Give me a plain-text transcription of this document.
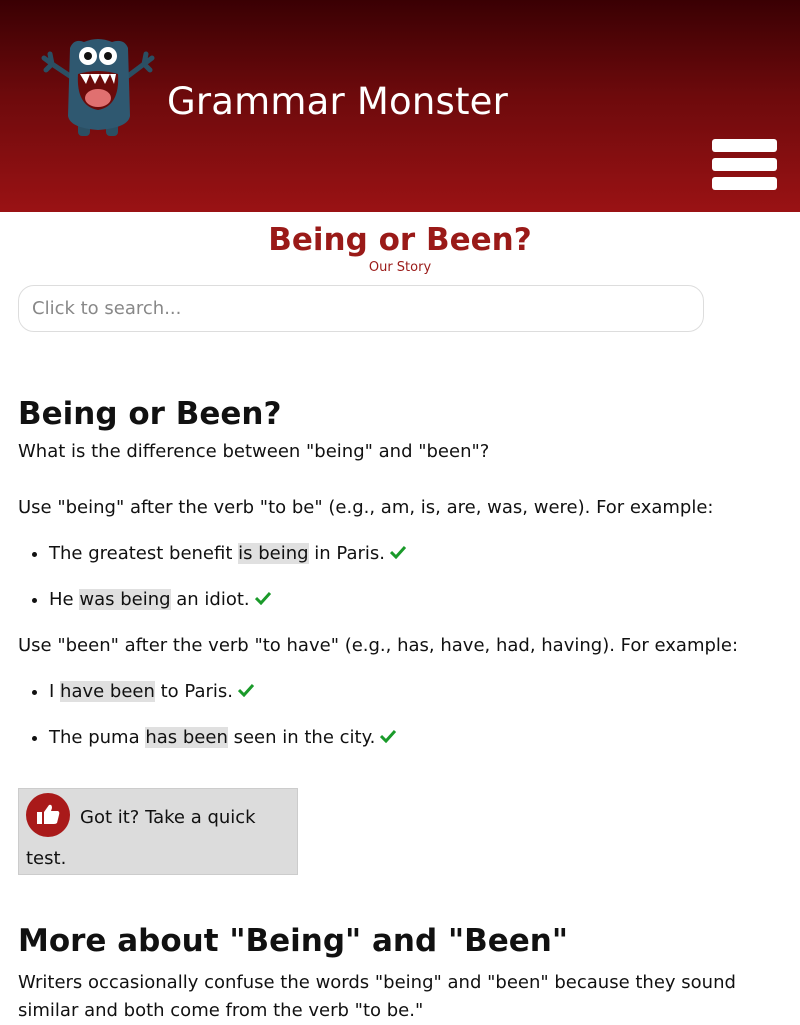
Grammar Monster
Being or Been?
Our Story
Click to search...
Being or Been?

What is the difference between "being" and "been"?

Use "being" after the verb "to be" (e.g., am, is, are, was, were). For example:

• The greatest benefit is being in Paris.
• He was being an idiot.

Use "been" after the verb "to have" (e.g., has, have, had, having). For example:

• I have been to Paris.
• The puma has been seen in the city.
Got it? Take a quick test.
More about "Being" and "Been"

Writers occasionally confuse the words "being" and "been" because they sound similar and both come from the verb "to be."
